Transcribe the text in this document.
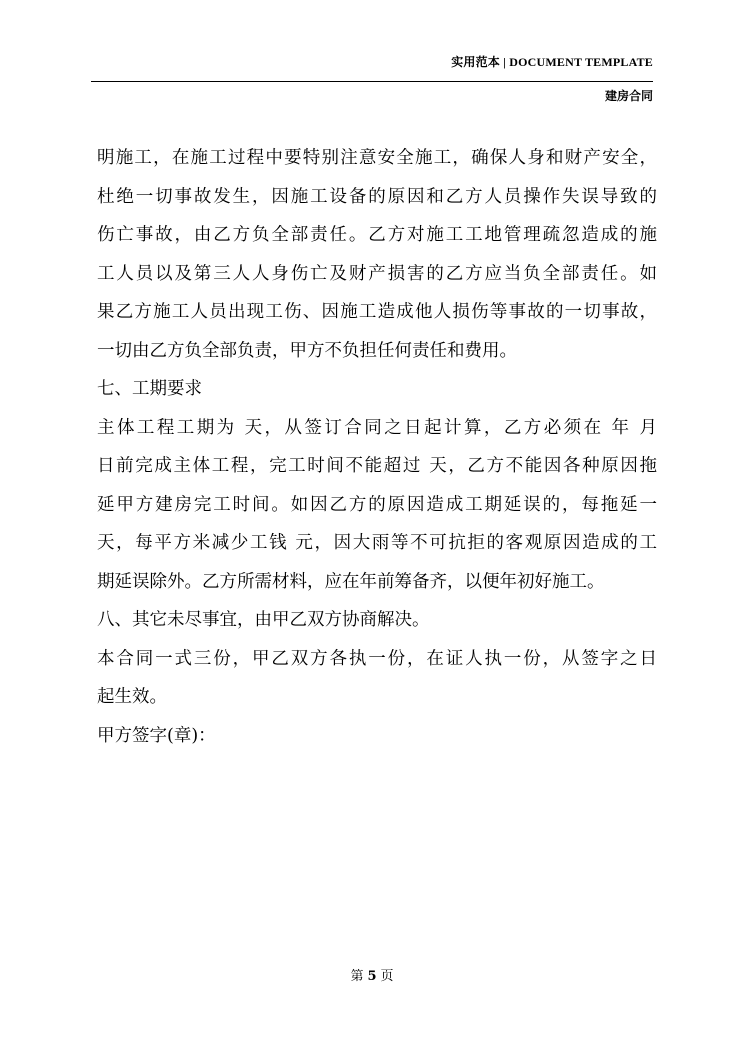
实用范本 | DOCUMENT TEMPLATE
建房合同
明施工，在施工过程中要特别注意安全施工，确保人身和财产安全，
杜绝一切事故发生，因施工设备的原因和乙方人员操作失误导致的
伤亡事故，由乙方负全部责任。乙方对施工工地管理疏忽造成的施
工人员以及第三人人身伤亡及财产损害的乙方应当负全部责任。如
果乙方施工人员出现工伤、因施工造成他人损伤等事故的一切事故，
一切由乙方负全部负责，甲方不负担任何责任和费用。
七、工期要求
主体工程工期为 天，从签订合同之日起计算，乙方必须在 年 月
日前完成主体工程，完工时间不能超过 天，乙方不能因各种原因拖
延甲方建房完工时间。如因乙方的原因造成工期延误的，每拖延一
天，每平方米减少工钱 元，因大雨等不可抗拒的客观原因造成的工
期延误除外。乙方所需材料，应在年前筹备齐，以便年初好施工。
八、其它未尽事宜，由甲乙双方协商解决。
本合同一式三份，甲乙双方各执一份，在证人执一份，从签字之日
起生效。
甲方签字(章)：
第 5 页
